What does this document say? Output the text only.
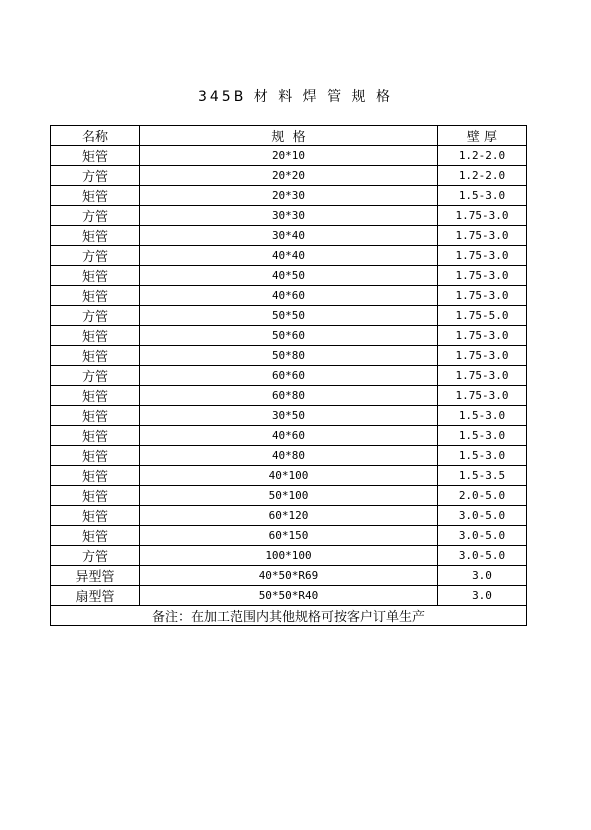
345B 材 料 焊 管 规 格
名称	规  格	壁 厚
矩管	20*10	1.2-2.0
方管	20*20	1.2-2.0
矩管	20*30	1.5-3.0
方管	30*30	1.75-3.0
矩管	30*40	1.75-3.0
方管	40*40	1.75-3.0
矩管	40*50	1.75-3.0
矩管	40*60	1.75-3.0
方管	50*50	1.75-5.0
矩管	50*60	1.75-3.0
矩管	50*80	1.75-3.0
方管	60*60	1.75-3.0
矩管	60*80	1.75-3.0
矩管	30*50	1.5-3.0
矩管	40*60	1.5-3.0
矩管	40*80	1.5-3.0
矩管	40*100	1.5-3.5
矩管	50*100	2.0-5.0
矩管	60*120	3.0-5.0
矩管	60*150	3.0-5.0
方管	100*100	3.0-5.0
异型管	40*50*R69	3.0
扇型管	50*50*R40	3.0
备注：在加工范围内其他规格可按客户订单生产		
